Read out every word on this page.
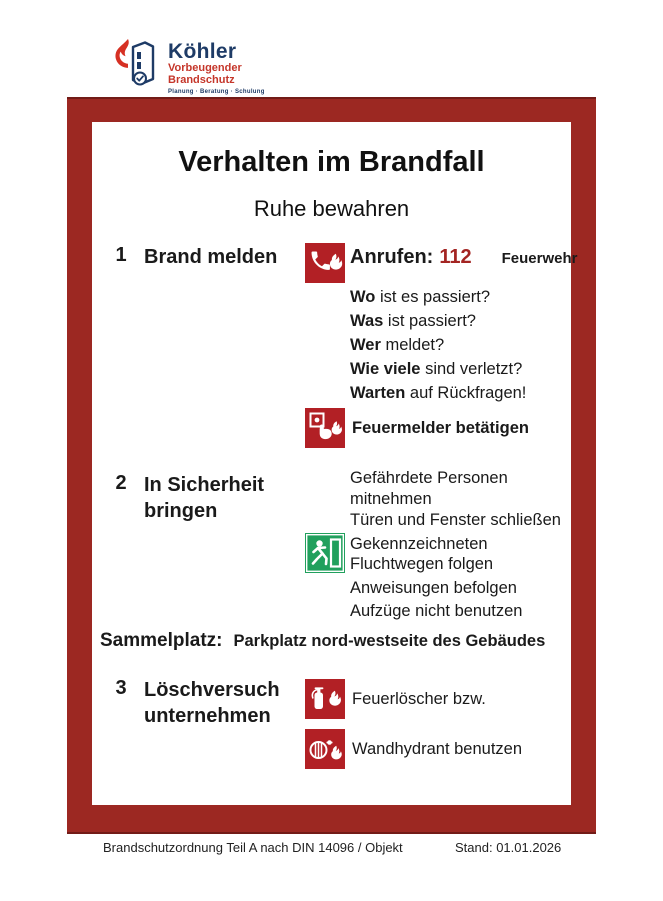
Köhler
Vorbeugender
Brandschutz
Planung · Beratung · Schulung
Verhalten im Brandfall
Ruhe bewahren
1 Brand melden	Anrufen: 112 Feuerwehr
Wo ist es passiert?
Was ist passiert?
Wer meldet?
Wie viele sind verletzt?
Warten auf Rückfragen!
Feuermelder betätigen
2 In Sicherheit
bringen

Gefährdete Personen mitnehmen

Türen und Fenster schließen

Gekennzeichneten Fluchtwegen folgen

Anweisungen befolgen

Aufzüge nicht benutzen

Sammelplatz: Parkplatz nord-westseite des Gebäudes
3 Löschversuch
unternehmen
Feuerlöscher bzw.
Wandhydrant benutzen
Brandschutzordnung Teil A nach DIN 14096 / Objekt	Stand: 01.01.2026
